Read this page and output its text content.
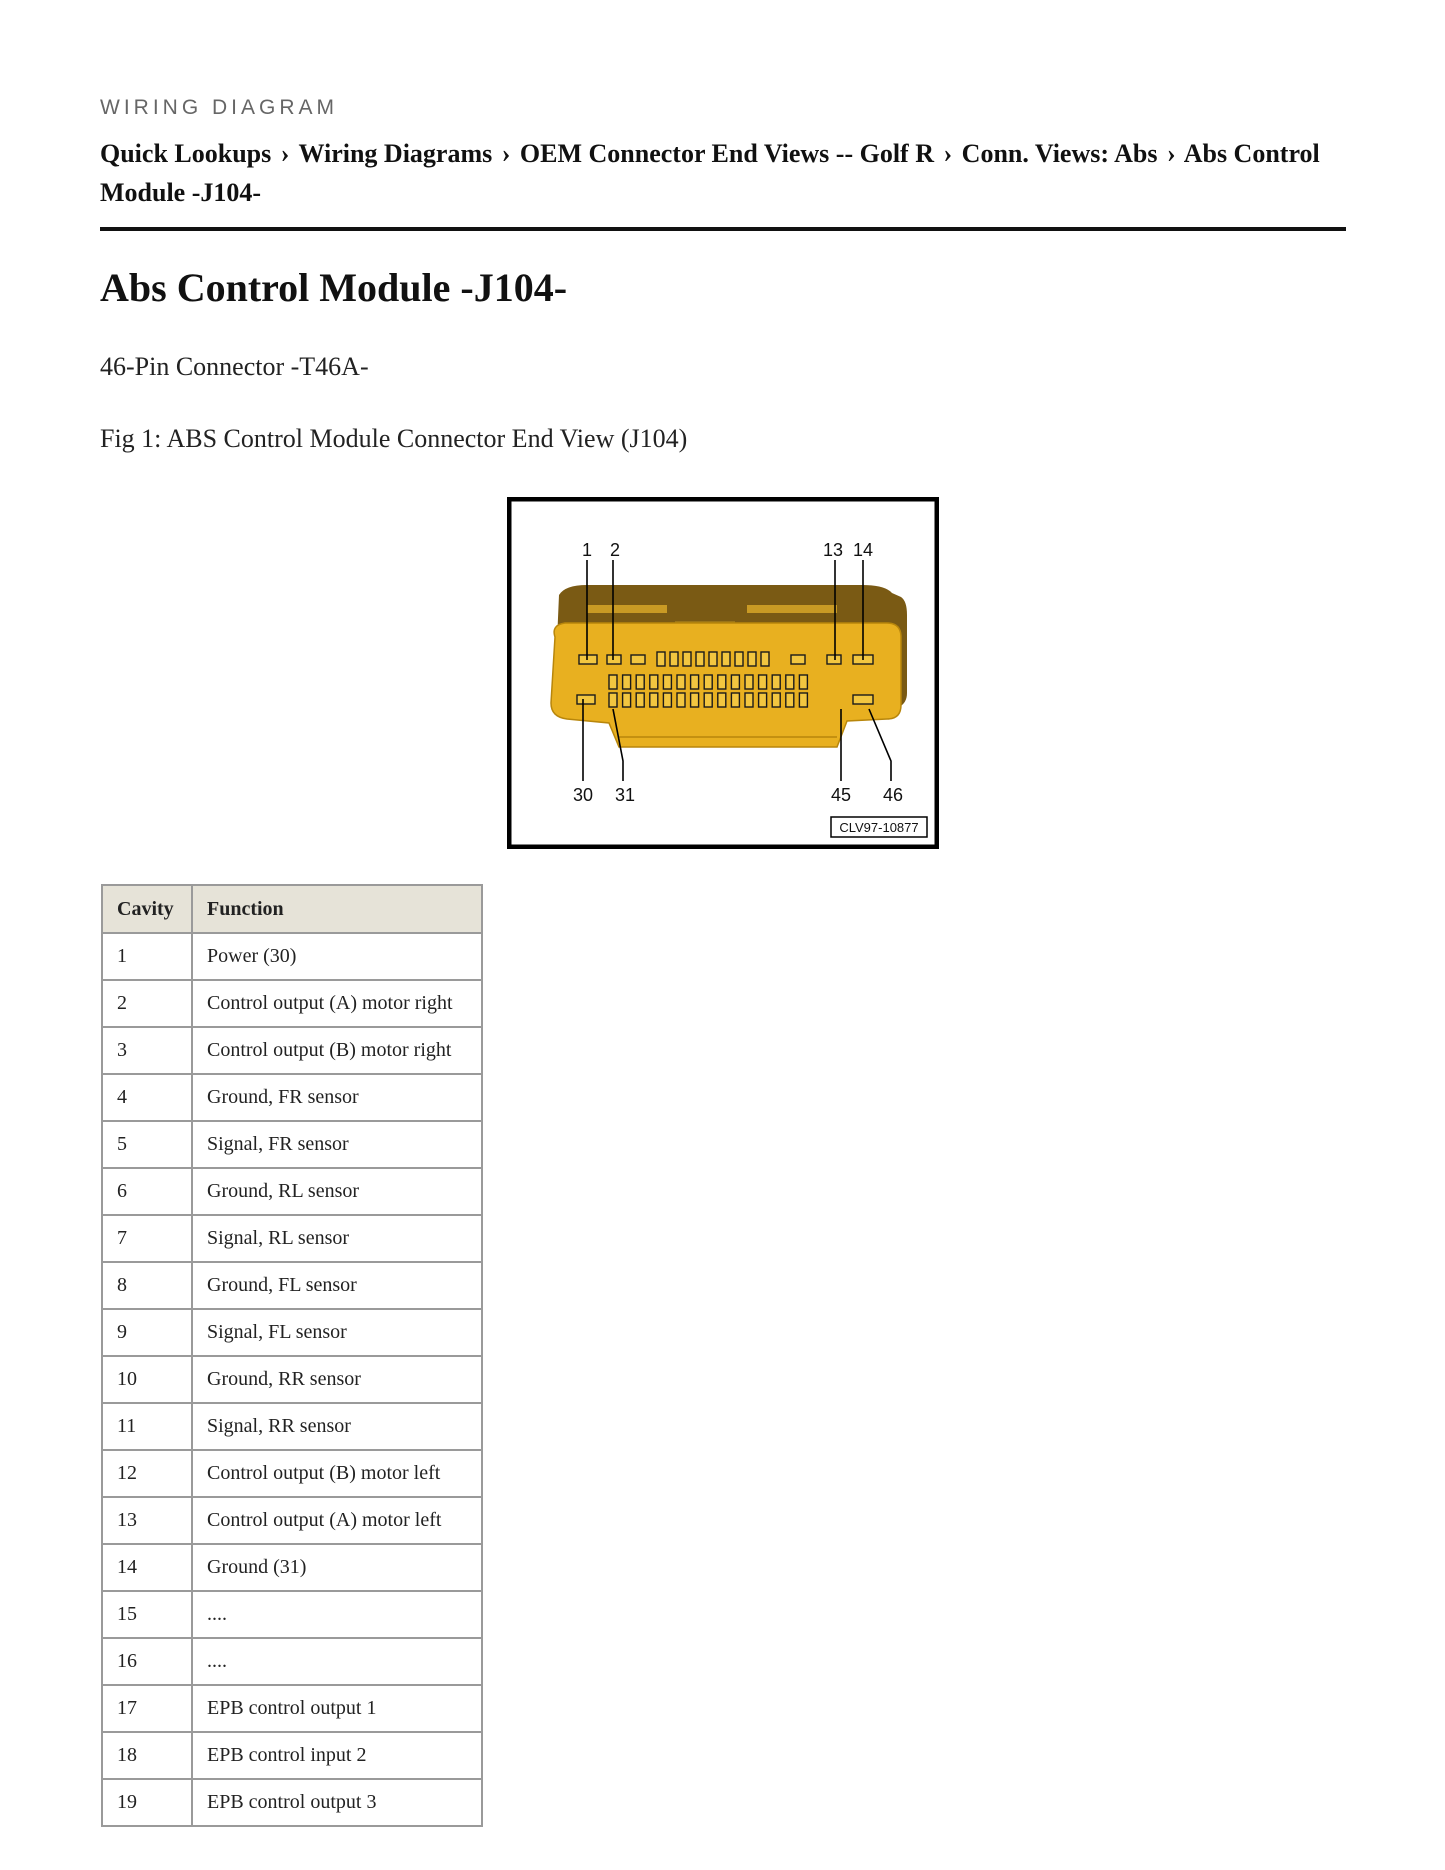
WIRING DIAGRAM
Quick Lookups › Wiring Diagrams › OEM Connector End Views -- Golf R › Conn. Views: Abs › Abs Control Module -J104-
Abs Control Module -J104-
46-Pin Connector -T46A-
Fig 1: ABS Control Module Connector End View (J104)
1 2	13 14
30 31	45 46
CLV97-10877
Cavity	Function
1	Power (30)
2	Control output (A) motor right
3	Control output (B) motor right
4	Ground, FR sensor
5	Signal, FR sensor
6	Ground, RL sensor
7	Signal, RL sensor
8	Ground, FL sensor
9	Signal, FL sensor
10	Ground, RR sensor
11	Signal, RR sensor
12	Control output (B) motor left
13	Control output (A) motor left
14	Ground (31)
15	....
16	....
17	EPB control output 1
18	EPB control input 2
19	EPB control output 3
